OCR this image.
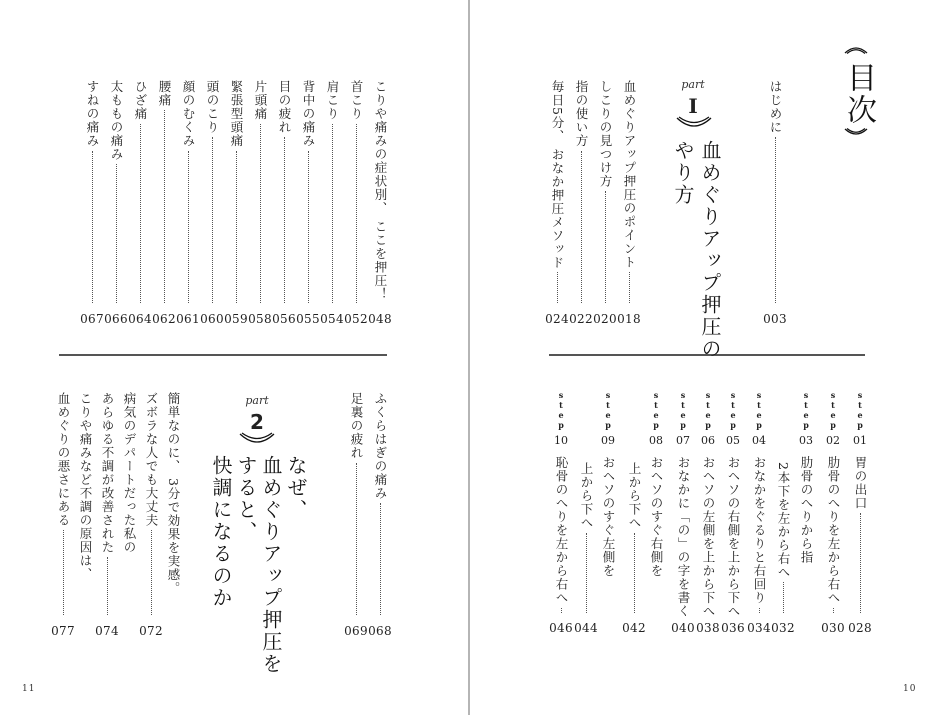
11	10
目次
はじめに
003
part
I
血めぐりアップ押圧の
やり方
血めぐりアップ押圧のポイント
018
しこりの見つけ方
020
指の使い方
022
毎日5分、 おなか押圧メソッド
024
step
01
胃の出口
028
step
02
肋骨のへりを左から右へ
030
step
03
肋骨のへりから指
2本下を左から右へ
032
step
04
おなかをぐるりと右回り
034
step
05
おヘソの右側を上から下へ
036
step
06
おヘソの左側を上から下へ
038
step
07
おなかに「の」の字を書く
040
step
08
おヘソのすぐ右側を
上から下へ
042
step
09
おヘソのすぐ左側を
上から下へ
044
step
10
恥骨のへりを左から右へ
046
こりや痛みの症状別、 ここを押圧！
048
首こり
052
肩こり
054
背中の痛み
055
目の疲れ
056
片頭痛
058
緊張型頭痛
059
頭のこり
060
顔のむくみ
061
腰痛
062
ひざ痛
064
太ももの痛み
066
すねの痛み
067
ふくらはぎの痛み
068
足裏の疲れ
069
part
2
なぜ、
血めぐりアップ押圧を
すると、
快調になるのか
簡単なのに、 3分で効果を実感。
ズボラな人でも大丈夫
072
病気のデパートだった私の
あらゆる不調が改善された
074
こりや痛みなど不調の原因は、
血めぐりの悪さにある
077
